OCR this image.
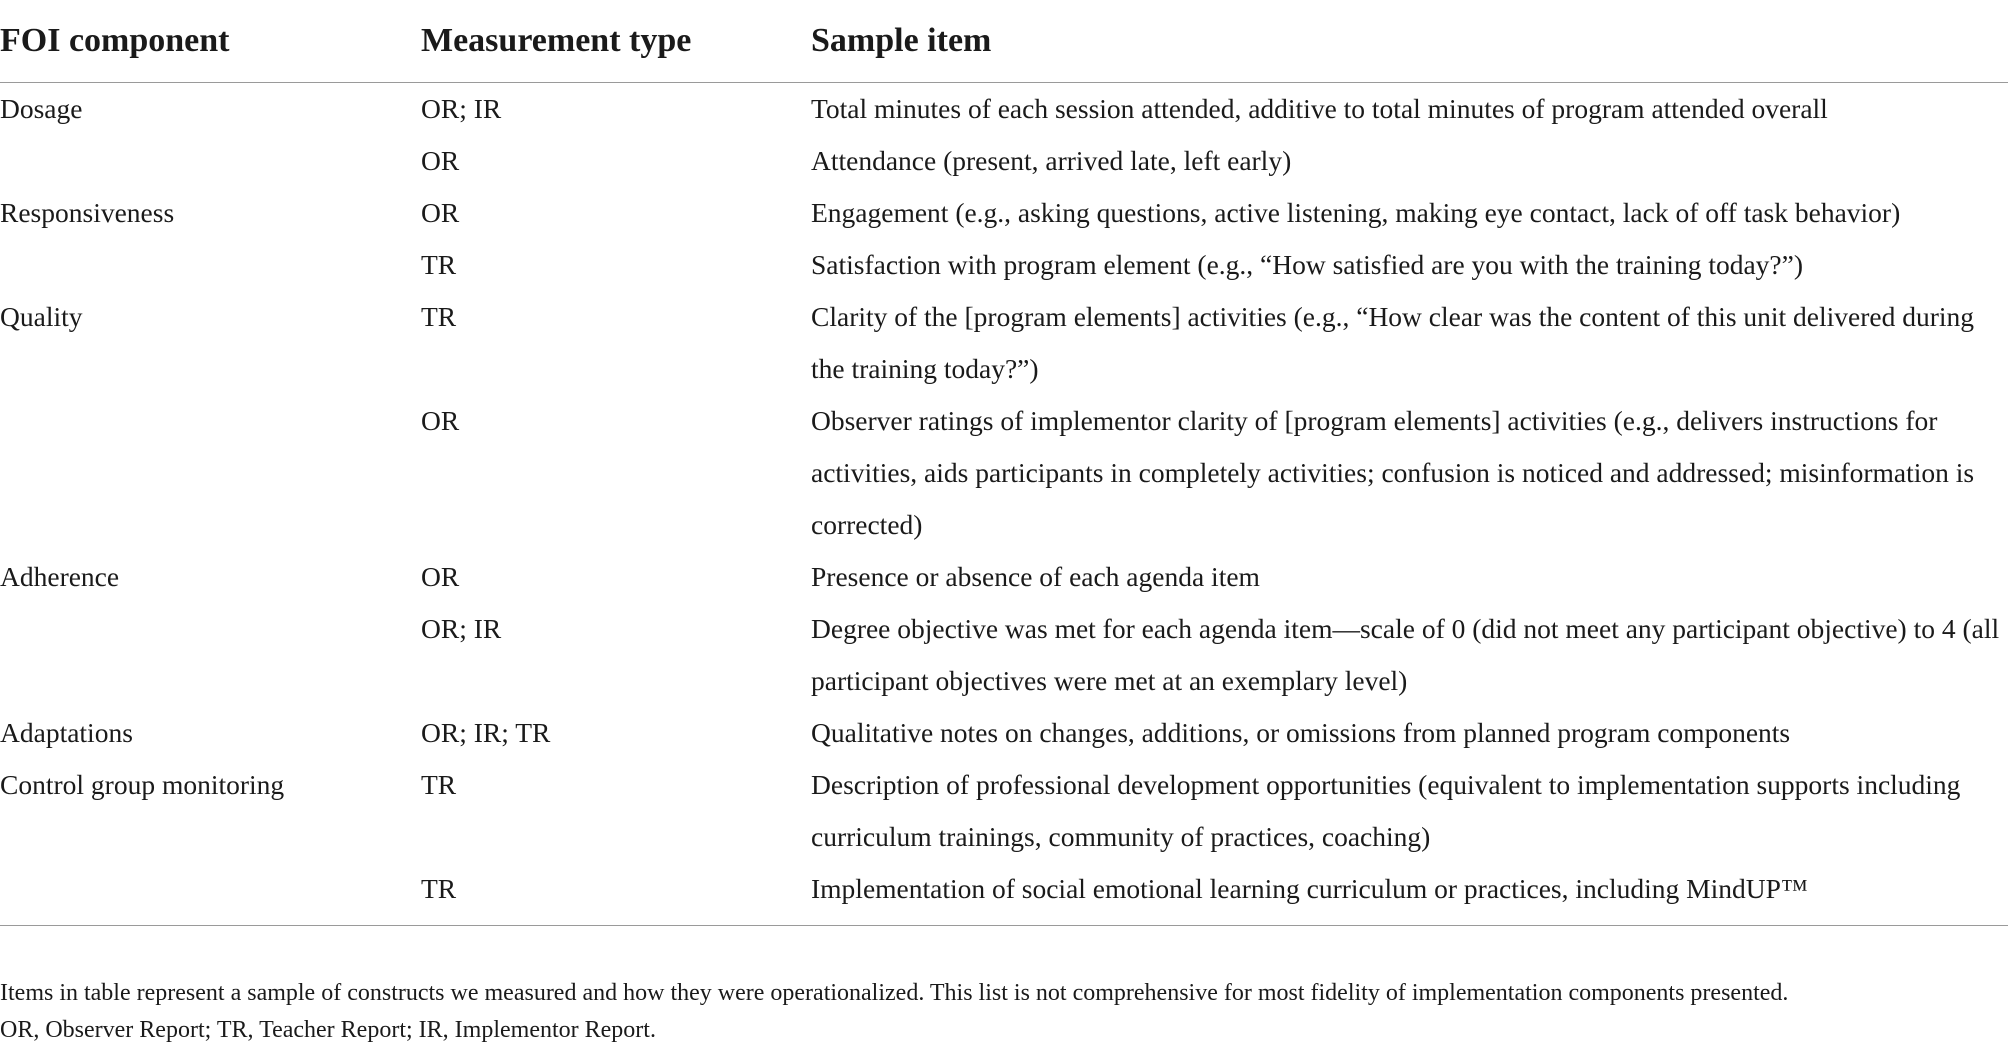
FOI component	Measurement type	Sample item
Dosage	OR; IR	Total minutes of each session attended, additive to total minutes of program attended overall
	OR	Attendance (present, arrived late, left early)
Responsiveness	OR	Engagement (e.g., asking questions, active listening, making eye contact, lack of off task behavior)
	TR	Satisfaction with program element (e.g., “How satisfied are you with the training today?”)
Quality	TR	Clarity of the [program elements] activities (e.g., “How clear was the content of this unit delivered during the training today?”)
	OR	Observer ratings of implementor clarity of [program elements] activities (e.g., delivers instructions for activities, aids participants in completely activities; confusion is noticed and addressed; misinformation is corrected)
Adherence	OR	Presence or absence of each agenda item
	OR; IR	Degree objective was met for each agenda item—scale of 0 (did not meet any participant objective) to 4 (all participant objectives were met at an exemplary level)
Adaptations	OR; IR; TR	Qualitative notes on changes, additions, or omissions from planned program components
Control group monitoring	TR	Description of professional development opportunities (equivalent to implementation supports including curriculum trainings, community of practices, coaching)
	TR	Implementation of social emotional learning curriculum or practices, including MindUP™

Items in table represent a sample of constructs we measured and how they were operationalized. This list is not comprehensive for most fidelity of implementation components presented.

OR, Observer Report; TR, Teacher Report; IR, Implementor Report.
